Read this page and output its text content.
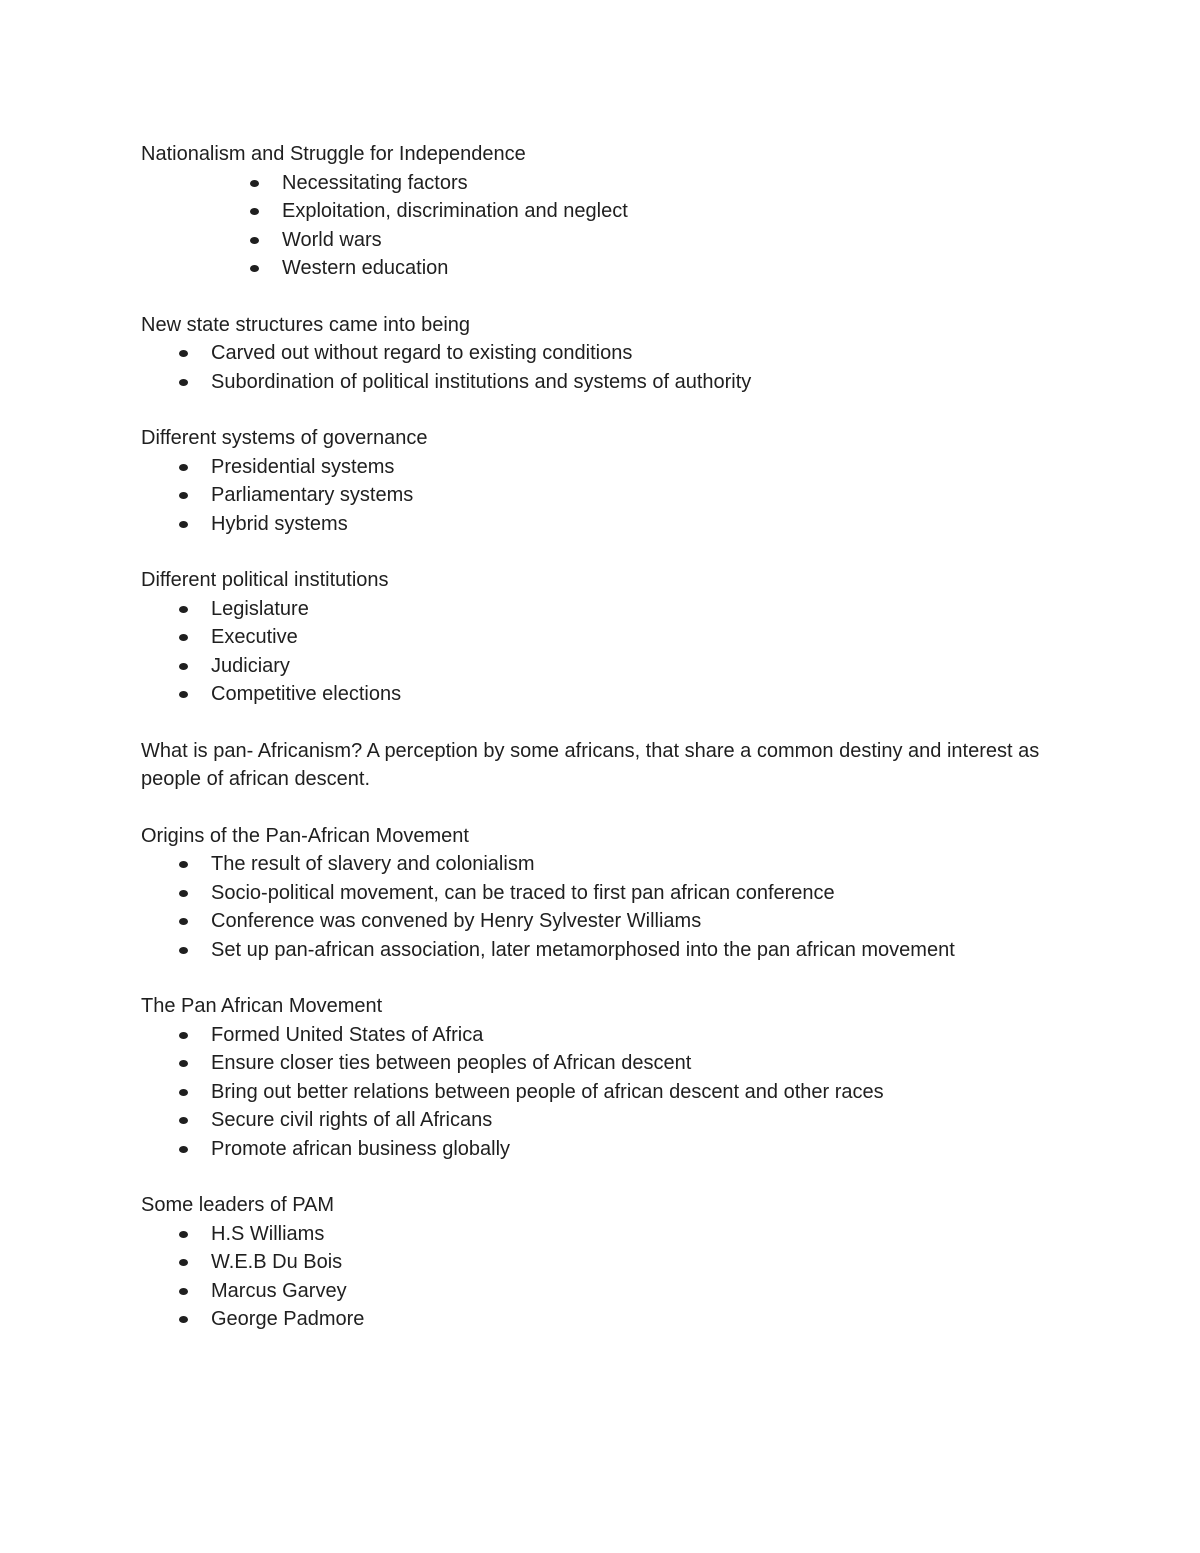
Nationalism and Struggle for Independence

Necessitating factors
Exploitation, discrimination and neglect
World wars
Western education

New state structures came into being

Carved out without regard to existing conditions
Subordination of political institutions and systems of authority

Different systems of governance

Presidential systems
Parliamentary systems
Hybrid systems

Different political institutions

Legislature
Executive
Judiciary
Competitive elections

What is pan- Africanism? A perception by some africans, that share a common destiny and interest as people of african descent.

Origins of the Pan-African Movement

The result of slavery and colonialism
Socio-political movement, can be traced to first pan african conference
Conference was convened by Henry Sylvester Williams
Set up pan-african association, later metamorphosed into the pan african movement

The Pan African Movement

Formed United States of Africa
Ensure closer ties between peoples of African descent
Bring out better relations between people of african descent and other races
Secure civil rights of all Africans
Promote african business globally

Some leaders of PAM

H.S Williams
W.E.B Du Bois
Marcus Garvey
George Padmore
